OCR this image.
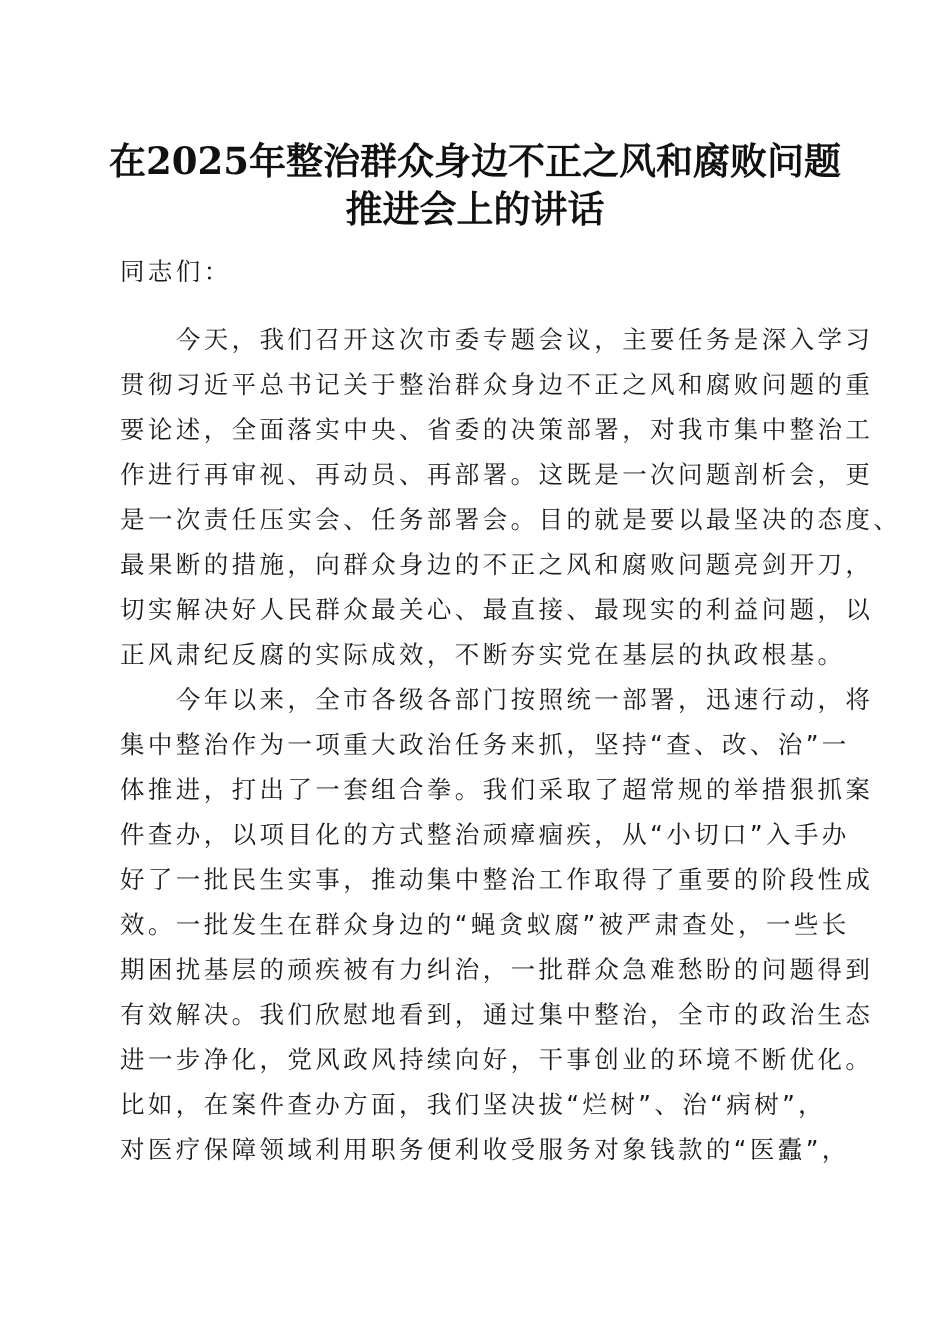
在2025年整治群众身边不正之风和腐败问题
推进会上的讲话
同志们：
　　今天，我们召开这次市委专题会议，主要任务是深入学习
贯彻习近平总书记关于整治群众身边不正之风和腐败问题的重
要论述，全面落实中央、省委的决策部署，对我市集中整治工
作进行再审视、再动员、再部署。这既是一次问题剖析会，更
是一次责任压实会、任务部署会。目的就是要以最坚决的态度、
最果断的措施，向群众身边的不正之风和腐败问题亮剑开刀，
切实解决好人民群众最关心、最直接、最现实的利益问题，以
正风肃纪反腐的实际成效，不断夯实党在基层的执政根基。
　　今年以来，全市各级各部门按照统一部署，迅速行动，将
集中整治作为一项重大政治任务来抓，坚持“查、改、治”一
体推进，打出了一套组合拳。我们采取了超常规的举措狠抓案
件查办，以项目化的方式整治顽瘴痼疾，从“小切口”入手办
好了一批民生实事，推动集中整治工作取得了重要的阶段性成
效。一批发生在群众身边的“蝇贪蚁腐”被严肃查处，一些长
期困扰基层的顽疾被有力纠治，一批群众急难愁盼的问题得到
有效解决。我们欣慰地看到，通过集中整治，全市的政治生态
进一步净化，党风政风持续向好，干事创业的环境不断优化。
比如，在案件查办方面，我们坚决拔“烂树”、治“病树”，
对医疗保障领域利用职务便利收受服务对象钱款的“医蠹”，
